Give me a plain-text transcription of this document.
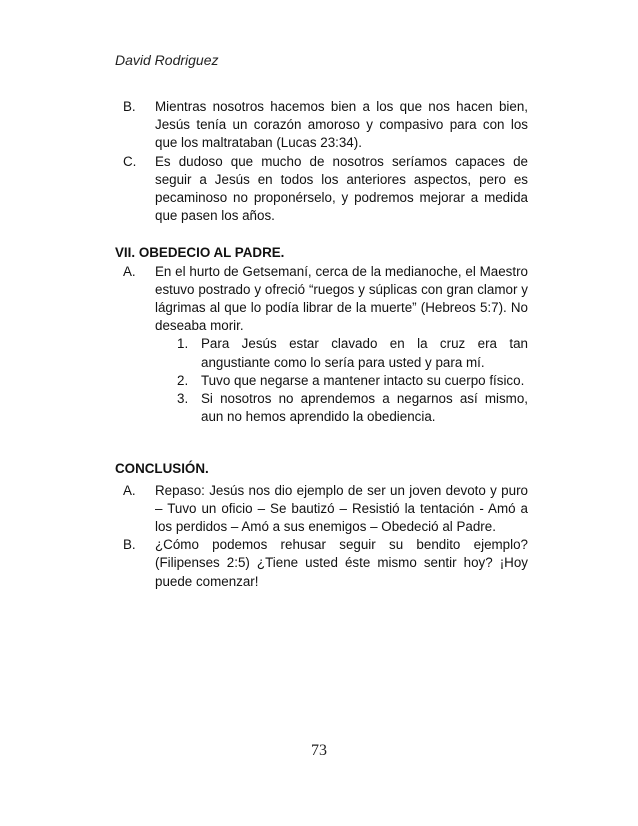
David Rodriguez
B. Mientras nosotros hacemos bien a los que nos hacen bien, Jesús tenía un corazón amoroso y compasivo para con los que los maltrataban (Lucas 23:34).
C. Es dudoso que mucho de nosotros seríamos capaces de seguir a Jesús en todos los anteriores aspectos, pero es pecaminoso no proponérselo, y podremos mejorar a medida que pasen los años.
VII. OBEDECIO AL PADRE.
A. En el hurto de Getsemaní, cerca de la medianoche, el Maestro estuvo postrado y ofreció “ruegos y súplicas con gran clamor y lágrimas al que lo podía librar de la muerte” (Hebreos 5:7). No deseaba morir.
1. Para Jesús estar clavado en la cruz era tan angustiante como lo sería para usted y para mí.
2. Tuvo que negarse a mantener intacto su cuerpo físico.
3. Si nosotros no aprendemos a negarnos así mismo, aun no hemos aprendido la obediencia.
CONCLUSIÓN.
A. Repaso: Jesús nos dio ejemplo de ser un joven devoto y puro – Tuvo un oficio – Se bautizó – Resistió la tentación - Amó a los perdidos – Amó a sus enemigos – Obedeció al Padre.
B. ¿Cómo podemos rehusar seguir su bendito ejemplo? (Filipenses 2:5) ¿Tiene usted éste mismo sentir hoy? ¡Hoy puede comenzar!
73
